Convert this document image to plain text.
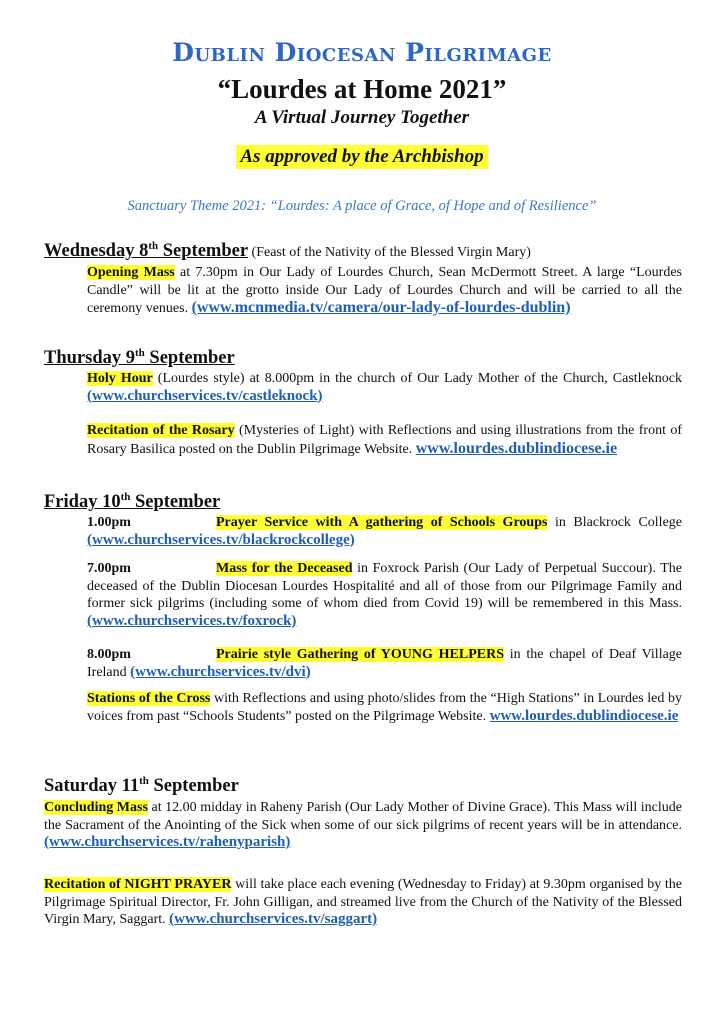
Dublin Diocesan Pilgrimage
“Lourdes at Home 2021”
A Virtual Journey Together
As approved by the Archbishop
Sanctuary Theme 2021: “Lourdes: A place of Grace, of Hope and of Resilience”
Wednesday 8th September (Feast of the Nativity of the Blessed Virgin Mary)
Opening Mass at 7.30pm in Our Lady of Lourdes Church, Sean McDermott Street. A large “Lourdes Candle” will be lit at the grotto inside Our Lady of Lourdes Church and will be carried to all the ceremony venues. (www.mcnmedia.tv/camera/our-lady-of-lourdes-dublin)
Thursday 9th September
Holy Hour (Lourdes style) at 8.000pm in the church of Our Lady Mother of the Church, Castleknock (www.churchservices.tv/castleknock)
Recitation of the Rosary (Mysteries of Light) with Reflections and using illustrations from the front of Rosary Basilica posted on the Dublin Pilgrimage Website. www.lourdes.dublindiocese.ie
Friday 10th September
1.00pm	Prayer Service with A gathering of Schools Groups in Blackrock College (www.churchservices.tv/blackrockcollege)
7.00pm	Mass for the Deceased in Foxrock Parish (Our Lady of Perpetual Succour). The deceased of the Dublin Diocesan Lourdes Hospitalité and all of those from our Pilgrimage Family and former sick pilgrims (including some of whom died from Covid 19) will be remembered in this Mass. (www.churchservices.tv/foxrock)
8.00pm	Prairie style Gathering of YOUNG HELPERS in the chapel of Deaf Village Ireland (www.churchservices.tv/dvi)
Stations of the Cross with Reflections and using photo/slides from the “High Stations” in Lourdes led by voices from past “Schools Students” posted on the Pilgrimage Website. www.lourdes.dublindiocese.ie
Saturday 11th September
Concluding Mass at 12.00 midday in Raheny Parish (Our Lady Mother of Divine Grace). This Mass will include the Sacrament of the Anointing of the Sick when some of our sick pilgrims of recent years will be in attendance. (www.churchservices.tv/rahenyparish)
Recitation of NIGHT PRAYER will take place each evening (Wednesday to Friday) at 9.30pm organised by the Pilgrimage Spiritual Director, Fr. John Gilligan, and streamed live from the Church of the Nativity of the Blessed Virgin Mary, Saggart. (www.churchservices.tv/saggart)
